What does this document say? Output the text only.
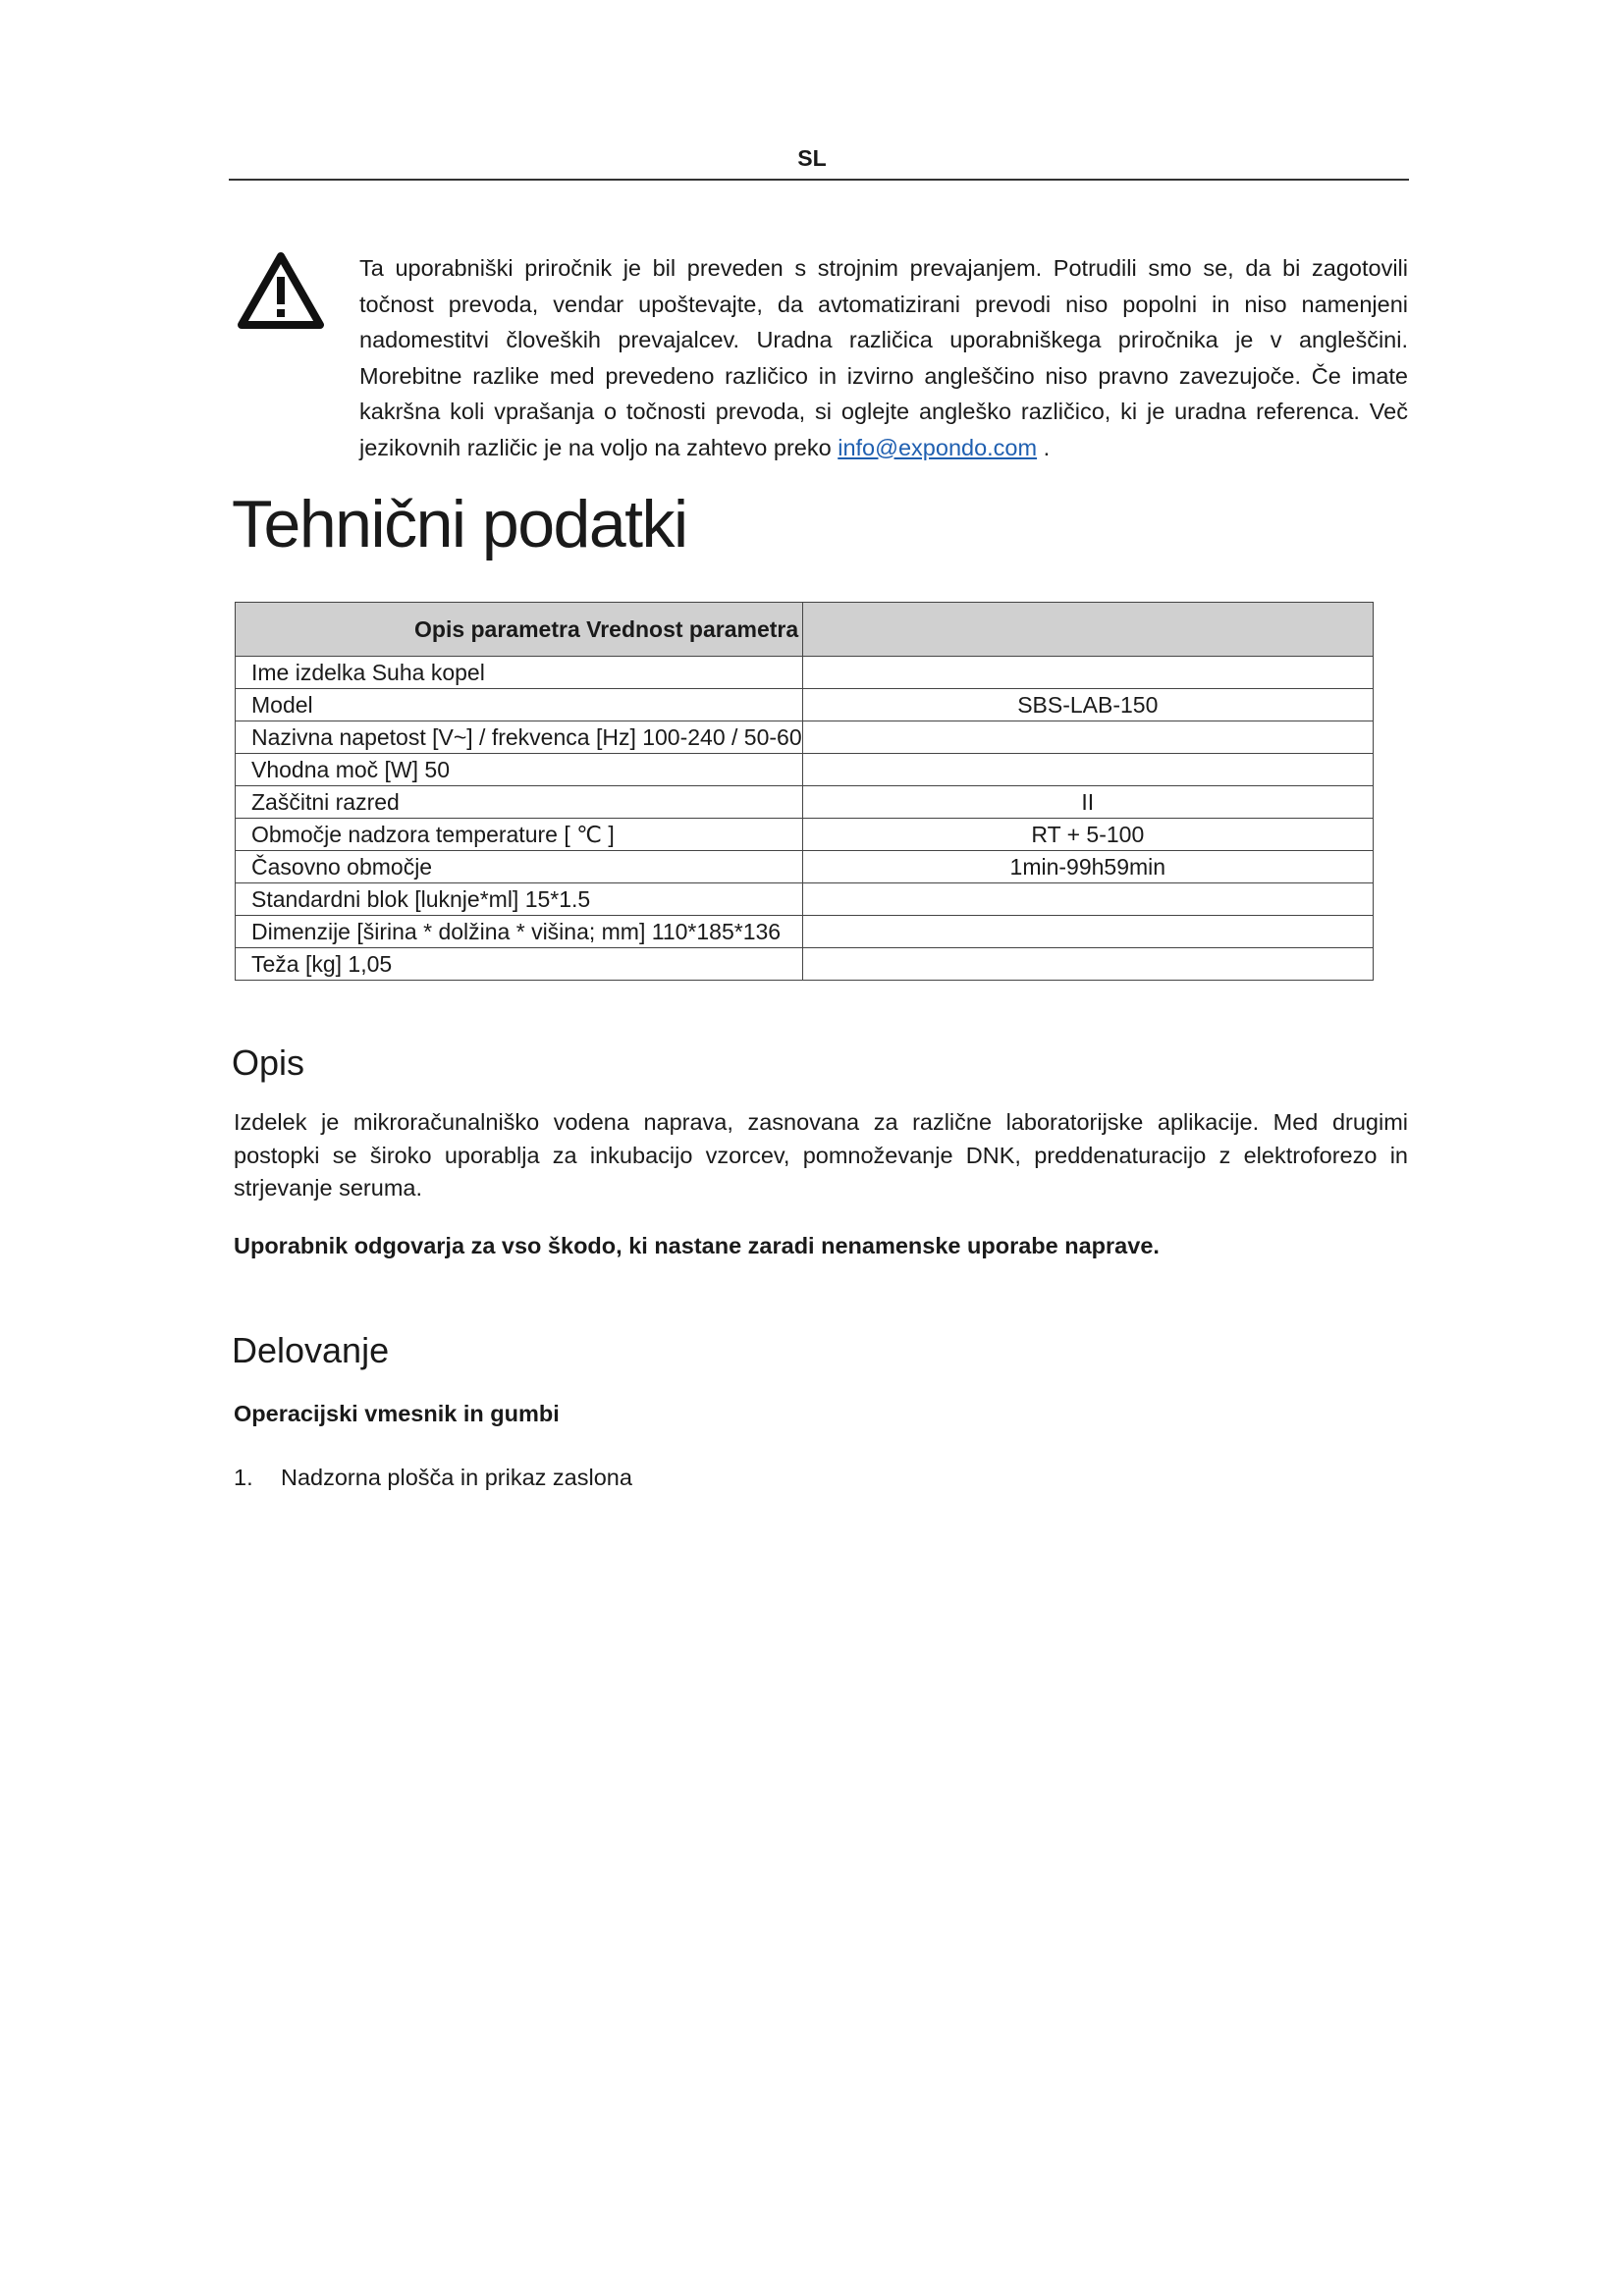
SL

Ta uporabniški priročnik je bil preveden s strojnim prevajanjem. Potrudili smo se, da bi zagotovili točnost prevoda, vendar upoštevajte, da avtomatizirani prevodi niso popolni in niso namenjeni nadomestitvi človeških prevajalcev. Uradna različica uporabniškega priročnika je v angleščini. Morebitne razlike med prevedeno različico in izvirno angleščino niso pravno zavezujoče. Če imate kakršna koli vprašanja o točnosti prevoda, si oglejte angleško različico, ki je uradna referenca. Več jezikovnih različic je na voljo na zahtevo preko info@expondo.com .

Tehnični podatki
Opis parametra Vrednost parametra	
Ime izdelka Suha kopel	
Model	SBS-LAB-150
Nazivna napetost [V~] / frekvenca [Hz] 100-240 / 50-60	
Vhodna moč [W] 50	
Zaščitni razred	II
Območje nadzora temperature [ ℃ ]	RT + 5-100
Časovno območje	1min-99h59min
Standardni blok [luknje*ml] 15*1.5	
Dimenzije [širina * dolžina * višina; mm] 110*185*136	
Teža [kg] 1,05	
Opis

Izdelek je mikroračunalniško vodena naprava, zasnovana za različne laboratorijske aplikacije. Med drugimi postopki se široko uporablja za inkubacijo vzorcev, pomnoževanje DNK, preddenaturacijo z elektroforezo in strjevanje seruma.

Uporabnik odgovarja za vso škodo, ki nastane zaradi nenamenske uporabe naprave.

Delovanje

Operacijski vmesnik in gumbi

1. Nadzorna plošča in prikaz zaslona
